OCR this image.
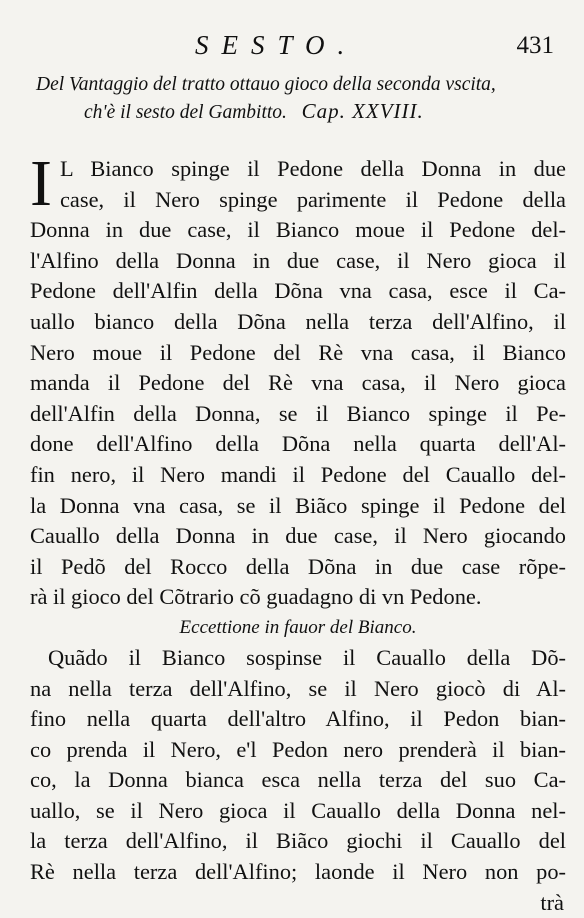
SESTO.	431
Del Vantaggio del tratto ottauo gioco della seconda vscita,
ch'è il sesto del Gambitto. Cap. XXVIII.
I L Bianco spinge il Pedone della Donna in due
case, il Nero spinge parimente il Pedone della
Donna in due case, il Bianco moue il Pedone del-
l'Alfino della Donna in due case, il Nero gioca il
Pedone dell'Alfin della Dõna vna casa, esce il Ca-
uallo bianco della Dõna nella terza dell'Alfino, il
Nero moue il Pedone del Rè vna casa, il Bianco
manda il Pedone del Rè vna casa, il Nero gioca
dell'Alfin della Donna, se il Bianco spinge il Pe-
done dell'Alfino della Dõna nella quarta dell'Al-
fin nero, il Nero mandi il Pedone del Cauallo del-
la Donna vna casa, se il Biãco spinge il Pedone del
Cauallo della Donna in due case, il Nero giocando
il Pedõ del Rocco della Dõna in due case rõpe-
rà il gioco del Cõtrario cõ guadagno di vn Pedone.
Eccettione in fauor del Bianco.
Quãdo il Bianco sospinse il Cauallo della Dõ-
na nella terza dell'Alfino, se il Nero giocò di Al-
fino nella quarta dell'altro Alfino, il Pedon bian-
co prenda il Nero, e'l Pedon nero prenderà il bian-
co, la Donna bianca esca nella terza del suo Ca-
uallo, se il Nero gioca il Cauallo della Donna nel-
la terza dell'Alfino, il Biãco giochi il Cauallo del
Rè nella terza dell'Alfino; laonde il Nero non po-
trà
